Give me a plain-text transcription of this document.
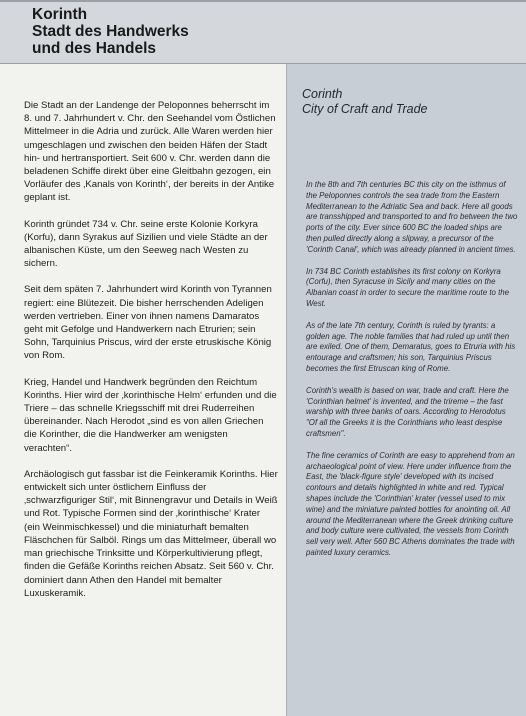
Korinth
Stadt des Handwerks
und des Handels

Die Stadt an der Landenge der Peloponnes beherrscht im 8. und 7. Jahrhundert v. Chr. den Seehandel vom Östlichen Mittelmeer in die Adria und zurück. Alle Waren werden hier umgeschlagen und zwischen den beiden Häfen der Stadt hin- und hertransportiert. Seit 600 v. Chr. werden dann die beladenen Schiffe direkt über eine Gleitbahn gezogen, ein Vorläufer des ‚Kanals von Korinth‘, der bereits in der Antike geplant ist.

Korinth gründet 734 v. Chr. seine erste Kolonie Korkyra (Korfu), dann Syrakus auf Sizilien und viele Städte an der albanischen Küste, um den Seeweg nach Westen zu sichern.

Seit dem späten 7. Jahrhundert wird Korinth von Tyrannen regiert: eine Blütezeit. Die bisher herrschenden Adeligen werden vertrieben. Einer von ihnen namens Damaratos geht mit Gefolge und Handwerkern nach Etrurien; sein Sohn, Tarquinius Priscus, wird der erste etruskische König von Rom.

Krieg, Handel und Handwerk begründen den Reichtum Korinths. Hier wird der ‚korinthische Helm‘ erfunden und die Triere – das schnelle Kriegsschiff mit drei Ruderreihen übereinander. Nach Herodot „sind es von allen Griechen die Korinther, die die Handwerker am wenigsten verachten“.

Archäologisch gut fassbar ist die Feinkeramik Korinths. Hier entwickelt sich unter östlichem Einfluss der ‚schwarzfiguriger Stil‘, mit Binnengravur und Details in Weiß und Rot. Typische Formen sind der ‚korinthische‘ Krater (ein Weinmischkessel) und die miniaturhaft bemalten Fläschchen für Salböl. Rings um das Mittelmeer, überall wo man griechische Trinksitte und Körperkultivierung pflegt, finden die Gefäße Korinths reichen Absatz. Seit 560 v. Chr. dominiert dann Athen den Handel mit bemalter Luxuskeramik.

Corinth
City of Craft and Trade

In the 8th and 7th centuries BC this city on the isthmus of the Peloponnes controls the sea trade from the Eastern Mediterranean to the Adriatic Sea and back. Here all goods are transshipped and transported to and fro between the two ports of the city. Ever since 600 BC the loaded ships are then pulled directly along a slipway, a precursor of the 'Corinth Canal', which was already planned in ancient times.

In 734 BC Corinth establishes its first colony on Korkyra (Corfu), then Syracuse in Sicily and many cities on the Albanian coast in order to secure the maritime route to the West.

As of the late 7th century, Corinth is ruled by tyrants: a golden age. The noble families that had ruled up until then are exiled. One of them, Demaratus, goes to Etruria with his entourage and craftsmen; his son, Tarquinius Priscus becomes the first Etruscan king of Rome.

Corinth's wealth is based on war, trade and craft. Here the 'Corinthian helmet' is invented, and the trireme – the fast warship with three banks of oars. According to Herodotus "Of all the Greeks it is the Corinthians who least despise craftsmen".

The fine ceramics of Corinth are easy to apprehend from an archaeological point of view. Here under influence from the East, the 'black-figure style' developed with its incised contours and details highlighted in white and red. Typical shapes include the 'Corinthian' krater (vessel used to mix wine) and the miniature painted bottles for anointing oil. All around the Mediterranean where the Greek drinking culture and body culture were cultivated, the vessels from Corinth sell very well. After 560 BC Athens dominates the trade with painted luxury ceramics.
